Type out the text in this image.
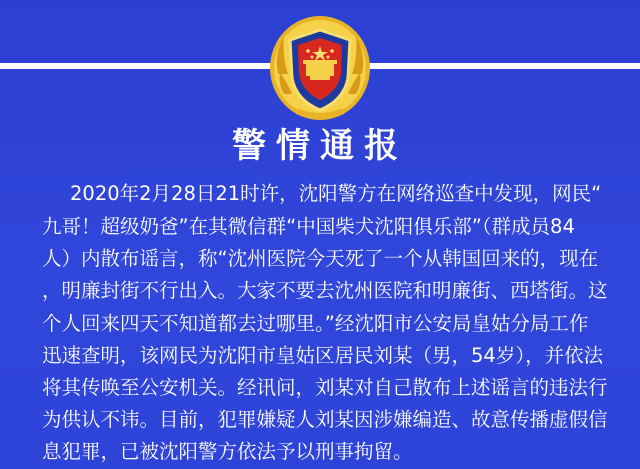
警情通报
2020年2月28日21时许，沈阳警方在网络巡查中发现，网民“
九哥！超级奶爸”在其微信群“中国柴犬沈阳俱乐部”（群成员84
人）内散布谣言，称“沈州医院今天死了一个从韩国回来的，现在
，明廉封街不行出入。大家不要去沈州医院和明廉街、西塔街。这
个人回来四天不知道都去过哪里。”经沈阳市公安局皇姑分局工作
迅速查明，该网民为沈阳市皇姑区居民刘某（男，54岁），并依法
将其传唤至公安机关。经讯问，刘某对自己散布上述谣言的违法行
为供认不讳。目前，犯罪嫌疑人刘某因涉嫌编造、故意传播虚假信
息犯罪，已被沈阳警方依法予以刑事拘留。
